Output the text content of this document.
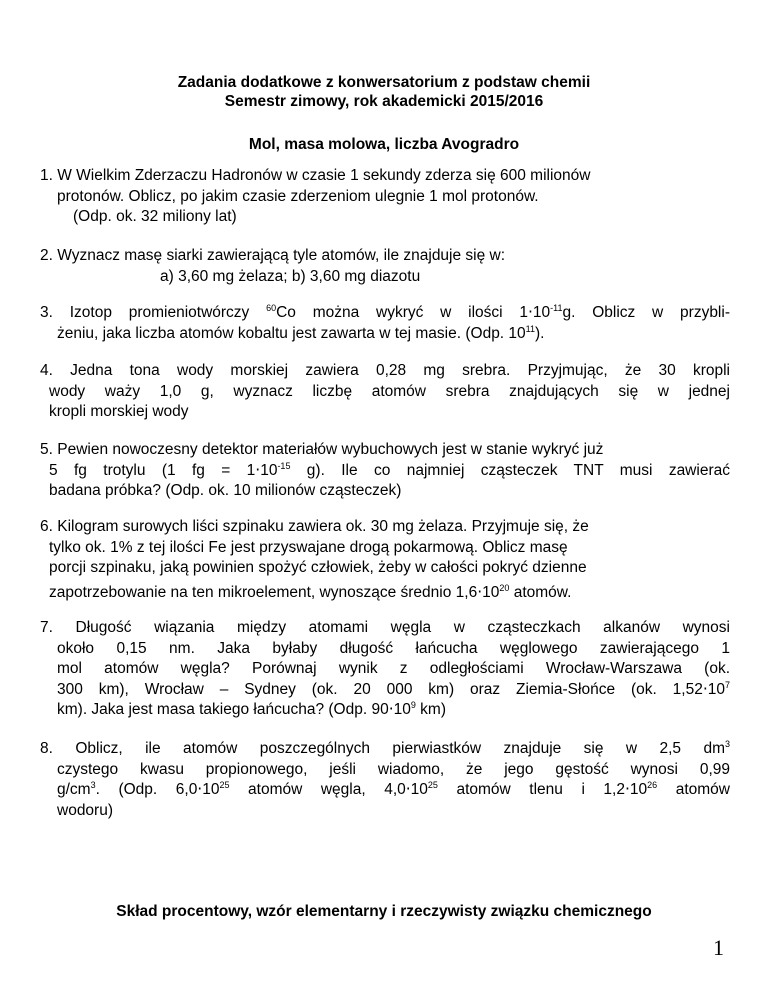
Zadania dodatkowe z konwersatorium z podstaw chemii
Semestr zimowy, rok akademicki 2015/2016
Mol, masa molowa, liczba Avogradro
1. W Wielkim Zderzaczu Hadronów w czasie 1 sekundy zderza się 600 milionów
protonów. Oblicz, po jakim czasie zderzeniom ulegnie 1 mol protonów.
(Odp. ok. 32 miliony lat)
2. Wyznacz masę siarki zawierającą tyle atomów, ile znajduje się w:
a) 3,60 mg żelaza; b) 3,60 mg diazotu
3. Izotop promieniotwórczy $^{60}$Co można wykryć w ilości $1\cdot 10^{-11}g$. Oblicz w przybli-
żeniu, jaka liczba atomów kobaltu jest zawarta w tej masie. (Odp. $10^{11}$).
4. Jedna tona wody morskiej zawiera 0,28 mg srebra. Przyjmując, że 30 kropli
wody waży 1,0 g, wyznacz liczbę atomów srebra znajdujących się w jednej
kropli morskiej wody
5. Pewien nowoczesny detektor materiałów wybuchowych jest w stanie wykryć już
5 fg trotylu (1 fg = $1\cdot 10^{-15}$ g). Ile co najmniej cząsteczek TNT musi zawierać
badana próbka? (Odp. ok. 10 milionów cząsteczek)
6. Kilogram surowych liści szpinaku zawiera ok. 30 mg żelaza. Przyjmuje się, że
tylko ok. 1% z tej ilości Fe jest przyswajane drogą pokarmową. Oblicz masę
porcji szpinaku, jaką powinien spożyć człowiek, żeby w całości pokryć dzienne
zapotrzebowanie na ten mikroelement, wynoszące średnio $1,6\cdot 10^{20}$ atomów.
7. Długość wiązania między atomami węgla w cząsteczkach alkanów wynosi
około 0,15 nm. Jaka byłaby długość łańcucha węglowego zawierającego 1
mol atomów węgla? Porównaj wynik z odległościami Wrocław-Warszawa (ok.
300 km), Wrocław – Sydney (ok. 20 000 km) oraz Ziemia-Słońce (ok. $1,52\cdot 10^7$
km). Jaka jest masa takiego łańcucha? (Odp. $90\cdot 10^9$ km)
8. Oblicz, ile atomów poszczególnych pierwiastków znajduje się w 2,5 $dm^3$
czystego kwasu propionowego, jeśli wiadomo, że jego gęstość wynosi 0,99
$g/cm^3$. (Odp. $6,0\cdot 10^{25}$ atomów węgla, $4,0\cdot 10^{25}$ atomów tlenu i $1,2\cdot 10^{26}$ atomów
wodoru)
Skład procentowy, wzór elementarny i rzeczywisty związku chemicznego
1
